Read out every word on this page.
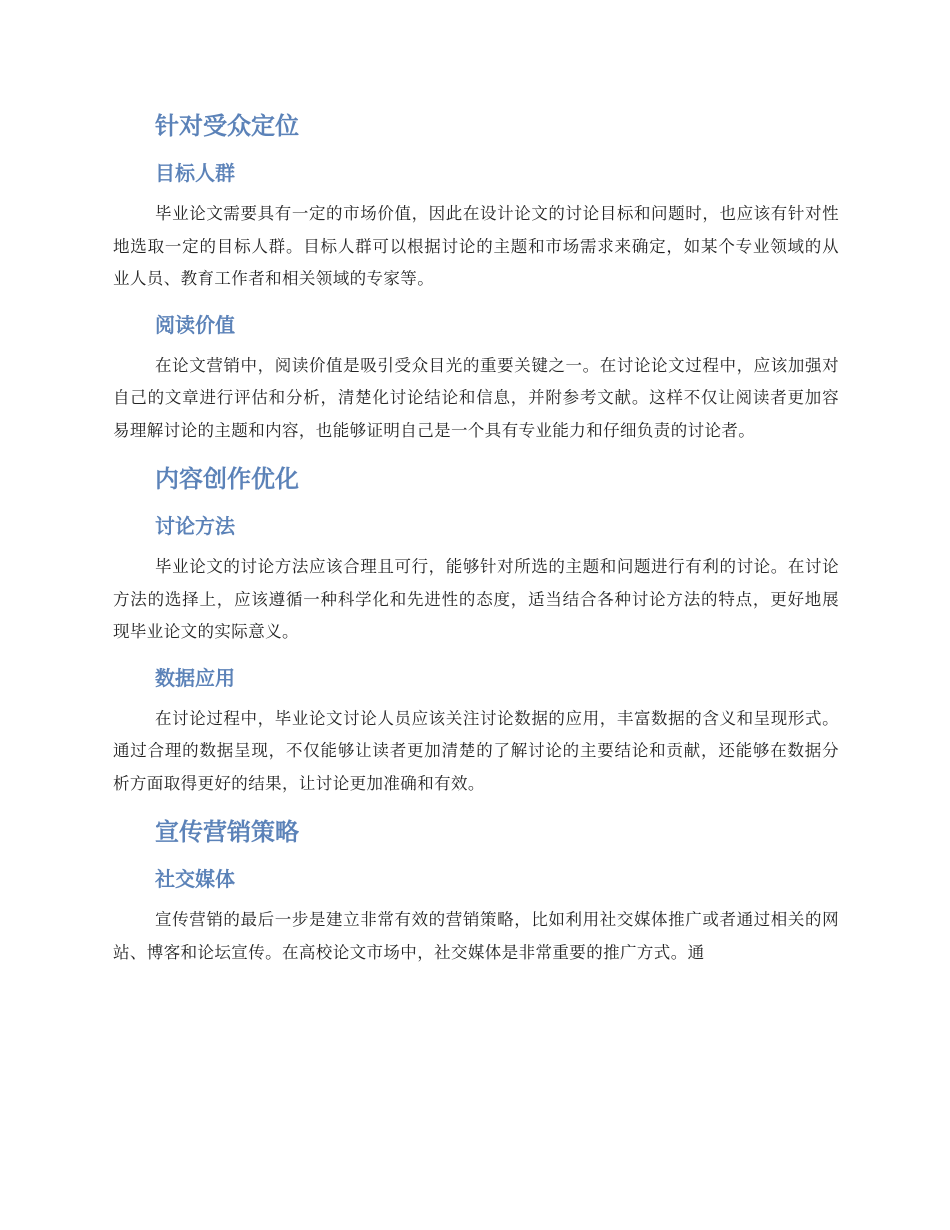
针对受众定位
目标人群

毕业论文需要具有一定的市场价值，因此在设计论文的讨论目标和问题时，也应该有针对性地选取一定的目标人群。目标人群可以根据讨论的主题和市场需求来确定，如某个专业领域的从业人员、教育工作者和相关领域的专家等。

阅读价值

在论文营销中，阅读价值是吸引受众目光的重要关键之一。在讨论论文过程中，应该加强对自己的文章进行评估和分析，清楚化讨论结论和信息，并附参考文献。这样不仅让阅读者更加容易理解讨论的主题和内容，也能够证明自己是一个具有专业能力和仔细负责的讨论者。

内容创作优化
讨论方法

毕业论文的讨论方法应该合理且可行，能够针对所选的主题和问题进行有利的讨论。在讨论方法的选择上，应该遵循一种科学化和先进性的态度，适当结合各种讨论方法的特点，更好地展现毕业论文的实际意义。

数据应用

在讨论过程中，毕业论文讨论人员应该关注讨论数据的应用，丰富数据的含义和呈现形式。通过合理的数据呈现，不仅能够让读者更加清楚的了解讨论的主要结论和贡献，还能够在数据分析方面取得更好的结果，让讨论更加准确和有效。

宣传营销策略
社交媒体

宣传营销的最后一步是建立非常有效的营销策略，比如利用社交媒体推广或者通过相关的网站、博客和论坛宣传。在高校论文市场中，社交媒体是非常重要的推广方式。通
